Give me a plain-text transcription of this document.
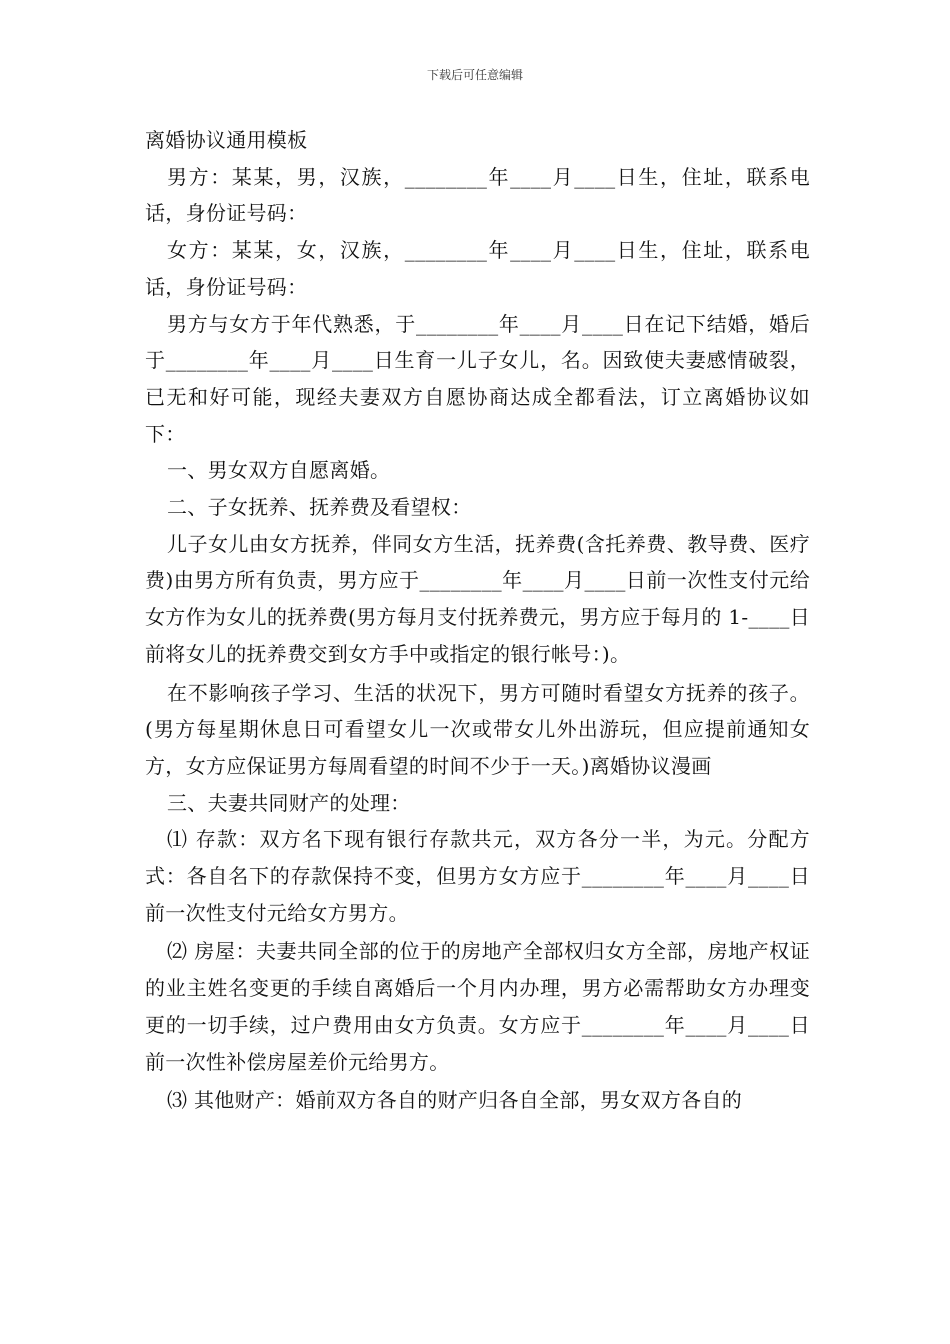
下载后可任意编辑

离婚协议通用模板

男方：某某，男，汉族，________年____月____日生，住址，联系电话，身份证号码：

女方：某某，女，汉族，________年____月____日生，住址，联系电话，身份证号码：

男方与女方于年代熟悉，于________年____月____日在记下结婚，婚后于________年____月____日生育一儿子女儿，名。因致使夫妻感情破裂，已无和好可能，现经夫妻双方自愿协商达成全都看法，订立离婚协议如下：

一、男女双方自愿离婚。

二、子女抚养、抚养费及看望权：

儿子女儿由女方抚养，伴同女方生活，抚养费(含托养费、教导费、医疗费)由男方所有负责，男方应于________年____月____日前一次性支付元给女方作为女儿的抚养费(男方每月支付抚养费元，男方应于每月的 1-____日前将女儿的抚养费交到女方手中或指定的银行帐号：)。

在不影响孩子学习、生活的状况下，男方可随时看望女方抚养的孩子。(男方每星期休息日可看望女儿一次或带女儿外出游玩，但应提前通知女方，女方应保证男方每周看望的时间不少于一天。)离婚协议漫画

三、夫妻共同财产的处理：

⑴ 存款：双方名下现有银行存款共元，双方各分一半，为元。分配方式：各自名下的存款保持不变，但男方女方应于________年____月____日前一次性支付元给女方男方。

⑵ 房屋：夫妻共同全部的位于的房地产全部权归女方全部，房地产权证的业主姓名变更的手续自离婚后一个月内办理，男方必需帮助女方办理变更的一切手续，过户费用由女方负责。女方应于________年____月____日前一次性补偿房屋差价元给男方。

⑶ 其他财产：婚前双方各自的财产归各自全部，男女双方各自的
